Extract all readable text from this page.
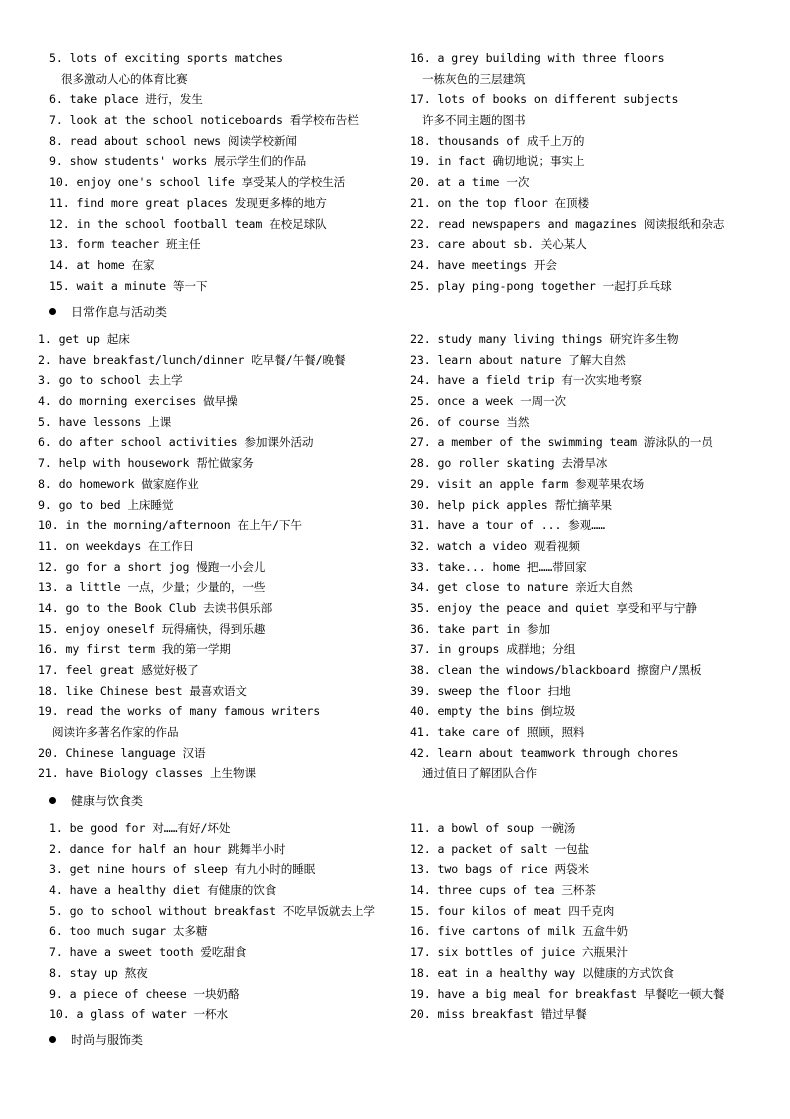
5. lots of exciting sports matches
很多激动人心的体育比赛
6. take place 进行，发生
7. look at the school noticeboards 看学校布告栏
8. read about school news 阅读学校新闻
9. show students' works 展示学生们的作品
10. enjoy one's school life 享受某人的学校生活
11. find more great places 发现更多棒的地方
12. in the school football team 在校足球队
13. form teacher 班主任
14. at home 在家
15. wait a minute 等一下
16. a grey building with three floors
一栋灰色的三层建筑
17. lots of books on different subjects
许多不同主题的图书
18. thousands of 成千上万的
19. in fact 确切地说；事实上
20. at a time 一次
21. on the top floor 在顶楼
22. read newspapers and magazines 阅读报纸和杂志
23. care about sb. 关心某人
24. have meetings 开会
25. play ping-pong together 一起打乒乓球
日常作息与活动类
1. get up 起床
2. have breakfast/lunch/dinner 吃早餐/午餐/晚餐
3. go to school 去上学
4. do morning exercises 做早操
5. have lessons 上课
6. do after school activities 参加课外活动
7. help with housework 帮忙做家务
8. do homework 做家庭作业
9. go to bed 上床睡觉
10. in the morning/afternoon 在上午/下午
11. on weekdays 在工作日
12. go for a short jog 慢跑一小会儿
13. a little 一点，少量；少量的，一些
14. go to the Book Club 去读书俱乐部
15. enjoy oneself 玩得痛快，得到乐趣
16. my first term 我的第一学期
17. feel great 感觉好极了
18. like Chinese best 最喜欢语文
19. read the works of many famous writers
阅读许多著名作家的作品
20. Chinese language 汉语
21. have Biology classes 上生物课
22. study many living things 研究许多生物
23. learn about nature 了解大自然
24. have a field trip 有一次实地考察
25. once a week 一周一次
26. of course 当然
27. a member of the swimming team 游泳队的一员
28. go roller skating 去滑旱冰
29. visit an apple farm 参观苹果农场
30. help pick apples 帮忙摘苹果
31. have a tour of ... 参观……
32. watch a video 观看视频
33. take... home 把……带回家
34. get close to nature 亲近大自然
35. enjoy the peace and quiet 享受和平与宁静
36. take part in 参加
37. in groups 成群地；分组
38. clean the windows/blackboard 擦窗户/黑板
39. sweep the floor 扫地
40. empty the bins 倒垃圾
41. take care of 照顾，照料
42. learn about teamwork through chores
通过值日了解团队合作
健康与饮食类
1. be good for 对……有好/坏处
2. dance for half an hour 跳舞半小时
3. get nine hours of sleep 有九小时的睡眠
4. have a healthy diet 有健康的饮食
5. go to school without breakfast 不吃早饭就去上学
6. too much sugar 太多糖
7. have a sweet tooth 爱吃甜食
8. stay up 熬夜
9. a piece of cheese 一块奶酪
10. a glass of water 一杯水
11. a bowl of soup 一碗汤
12. a packet of salt 一包盐
13. two bags of rice 两袋米
14. three cups of tea 三杯茶
15. four kilos of meat 四千克肉
16. five cartons of milk 五盒牛奶
17. six bottles of juice 六瓶果汁
18. eat in a healthy way 以健康的方式饮食
19. have a big meal for breakfast 早餐吃一顿大餐
20. miss breakfast 错过早餐
时尚与服饰类
